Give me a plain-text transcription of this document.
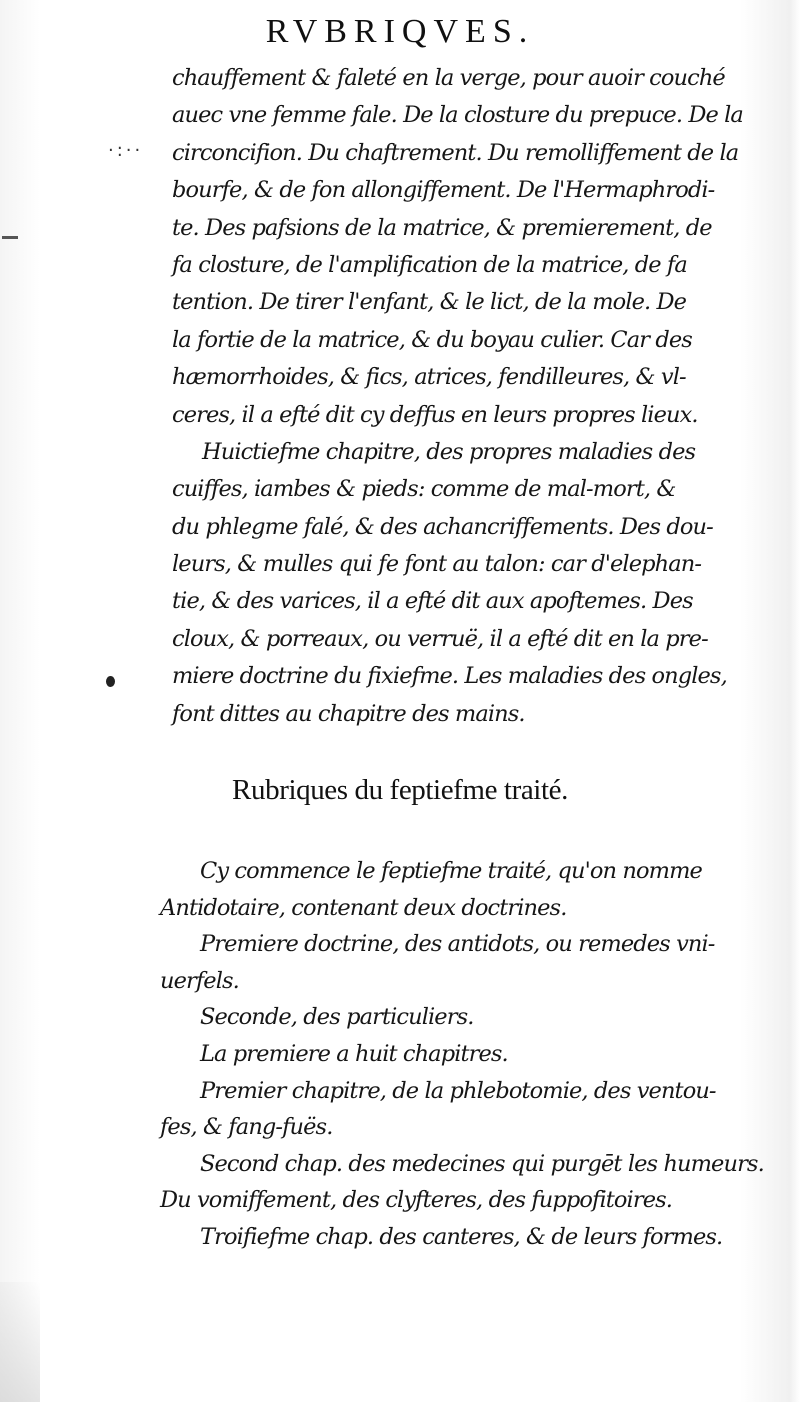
·:··
RVBRIQVES.
chauffement & faleté en la verge, pour auoir couché
auec vne femme fale. De la closture du prepuce. De la
circoncifion. Du chaftrement. Du remolliffement de la
bourfe, & de fon allongiffement. De l'Hermaphrodi-
te. Des pafsions de la matrice, & premierement, de
fa closture, de l'amplification de la matrice, de fa
tention. De tirer l'enfant, & le lict, de la mole. De
la fortie de la matrice, & du boyau culier. Car des
hæmorrhoides, & fics, atrices, fendilleures, & vl-
ceres, il a efté dit cy deffus en leurs propres lieux.
Huictiefme chapitre, des propres maladies des
cuiffes, iambes & pieds: comme de mal-mort, &
du phlegme falé, & des achancriffements. Des dou-
leurs, & mulles qui fe font au talon: car d'elephan-
tie, & des varices, il a efté dit aux apoftemes. Des
cloux, & porreaux, ou verruë, il a efté dit en la pre-
miere doctrine du fixiefme. Les maladies des ongles,
font dittes au chapitre des mains.
Rubriques du feptiefme traité.
Cy commence le feptiefme traité, qu'on nomme
Antidotaire, contenant deux doctrines.
Premiere doctrine, des antidots, ou remedes vni-
uerfels.
Seconde, des particuliers.
La premiere a huit chapitres.
Premier chapitre, de la phlebotomie, des ventou-
fes, & fang-fuës.
Second chap. des medecines qui purgēt les humeurs.
Du vomiffement, des clyfteres, des fuppofitoires.
Troifiefme chap. des canteres, & de leurs formes.
